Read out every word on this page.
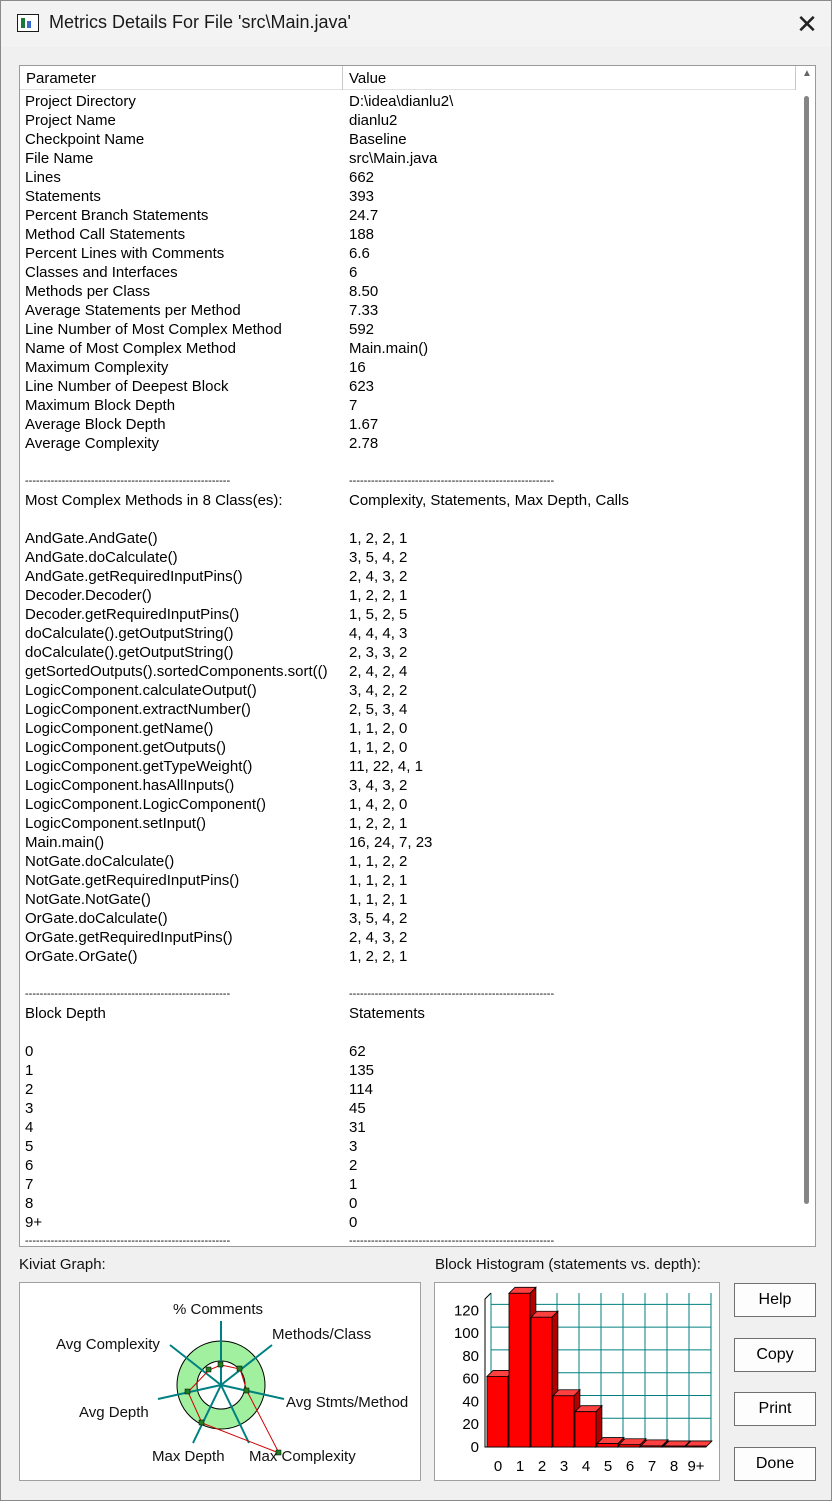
Metrics Details For File 'src\Main.java'	✕
Parameter	Value
Project Directory	D:\idea\dianlu2\
Project Name	dianlu2
Checkpoint Name	Baseline
File Name	src\Main.java
Lines	662
Statements	393
Percent Branch Statements	24.7
Method Call Statements	188
Percent Lines with Comments	6.6
Classes and Interfaces	6
Methods per Class	8.50
Average Statements per Method	7.33
Line Number of Most Complex Method	592
Name of Most Complex Method	Main.main()
Maximum Complexity	16
Line Number of Deepest Block	623
Maximum Block Depth	7
Average Block Depth	1.67
Average Complexity	2.78
--------------------------------------------------------	--------------------------------------------------------
Most Complex Methods in 8 Class(es):	Complexity, Statements, Max Depth, Calls
AndGate.AndGate()	1, 2, 2, 1
AndGate.doCalculate()	3, 5, 4, 2
AndGate.getRequiredInputPins()	2, 4, 3, 2
Decoder.Decoder()	1, 2, 2, 1
Decoder.getRequiredInputPins()	1, 5, 2, 5
doCalculate().getOutputString()	4, 4, 4, 3
doCalculate().getOutputString()	2, 3, 3, 2
getSortedOutputs().sortedComponents.sort(() 2, 4, 2, 4
LogicComponent.calculateOutput()	3, 4, 2, 2
LogicComponent.extractNumber()	2, 5, 3, 4
LogicComponent.getName()	1, 1, 2, 0
LogicComponent.getOutputs()	1, 1, 2, 0
LogicComponent.getTypeWeight()	11, 22, 4, 1
LogicComponent.hasAllInputs()	3, 4, 3, 2
LogicComponent.LogicComponent()	1, 4, 2, 0
LogicComponent.setInput()	1, 2, 2, 1
Main.main()	16, 24, 7, 23
NotGate.doCalculate()	1, 1, 2, 2
NotGate.getRequiredInputPins()	1, 1, 2, 1
NotGate.NotGate()	1, 1, 2, 1
OrGate.doCalculate()	3, 5, 4, 2
OrGate.getRequiredInputPins()	2, 4, 3, 2
OrGate.OrGate()	1, 2, 2, 1
--------------------------------------------------------	--------------------------------------------------------
Block Depth	Statements
0	62
1	135
2	114
3	45
4	31
5	3
6	2
7	1
8	0
9+	0
--------------------------------------------------------	--------------------------------------------------------
▲
Kiviat Graph:	Block Histogram (statements vs. depth):
% Comments
Methods/Class
Avg Stmts/Method
Max Complexity
Max Depth
Avg Depth
Avg Complexity
0
20
40
60
80
100
120
0 1 2 3 4 5 6 7 8 9+
Help
Copy
Print
Done
